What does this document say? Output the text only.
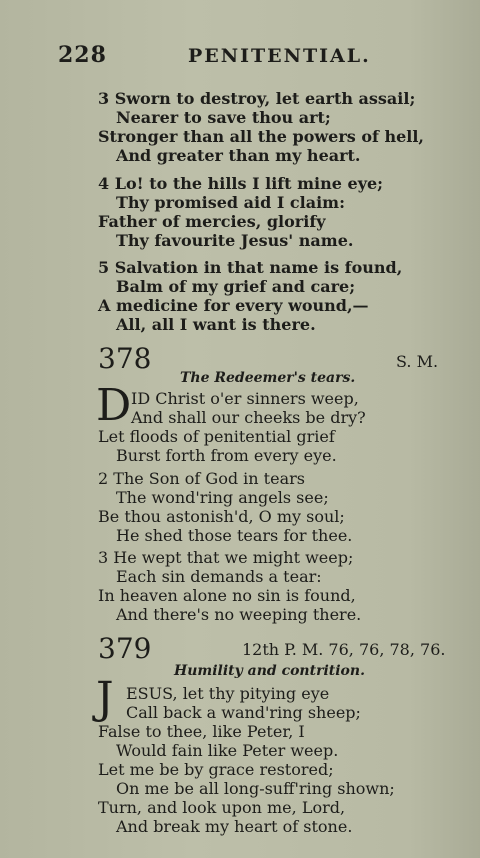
228	PENITENTIAL.
3 Sworn to destroy, let earth assail;
Nearer to save thou art;
Stronger than all the powers of hell,
And greater than my heart.
4 Lo! to the hills I lift mine eye;
Thy promised aid I claim:
Father of mercies, glorify
Thy favourite Jesus' name.
5 Salvation in that name is found,
Balm of my grief and care;
A medicine for every wound,—
All, all I want is there.
378	S. M.
The Redeemer's tears.
D ID Christ o'er sinners weep,
And shall our cheeks be dry?
Let floods of penitential grief
Burst forth from every eye.
2 The Son of God in tears
The wond'ring angels see;
Be thou astonish'd, O my soul;
He shed those tears for thee.
3 He wept that we might weep;
Each sin demands a tear:
In heaven alone no sin is found,
And there's no weeping there.
379	12th P. M. 76, 76, 78, 76.
Humility and contrition.
J ESUS, let thy pitying eye
Call back a wand'ring sheep;
False to thee, like Peter, I
Would fain like Peter weep.
Let me be by grace restored;
On me be all long-suff'ring shown;
Turn, and look upon me, Lord,
And break my heart of stone.
